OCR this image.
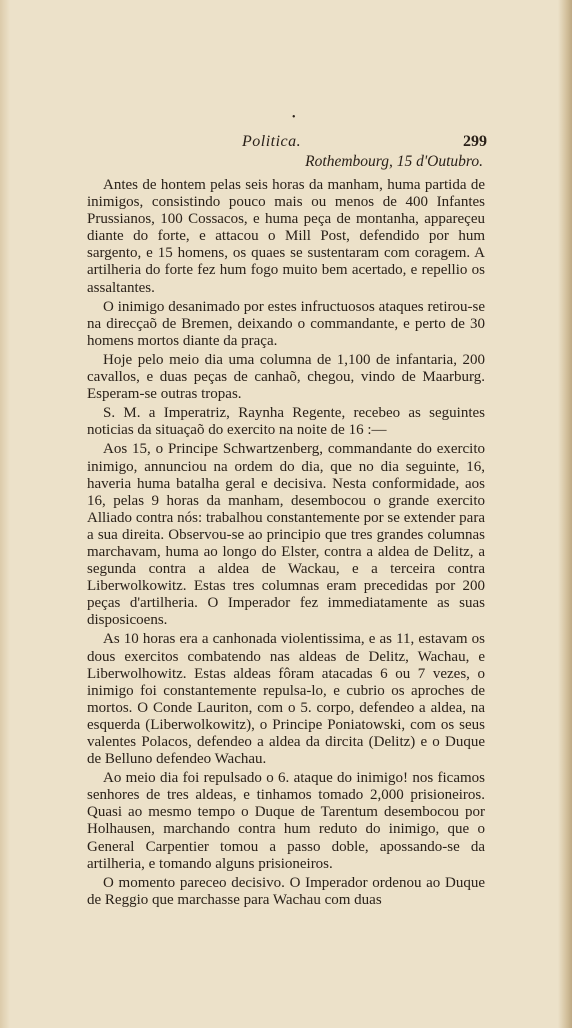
•
Politica.	299
Rothembourg, 15 d'Outubro.

Antes de hontem pelas seis horas da manham, huma partida de inimigos, consistindo pouco mais ou menos de 400 Infantes Prussianos, 100 Cossacos, e huma peça de montanha, appareçeu diante do forte, e attacou o Mill Post, defendido por hum sargento, e 15 homens, os quaes se sustentaram com coragem. A artilheria do forte fez hum fogo muito bem acertado, e repellio os assaltantes.

O inimigo desanimado por estes infructuosos ataques retirou-se na direcçaõ de Bremen, deixando o commandante, e perto de 30 homens mortos diante da praça.

Hoje pelo meio dia uma columna de 1,100 de infantaria, 200 cavallos, e duas peças de canhaõ, chegou, vindo de Maarburg. Esperam-se outras tropas.

S. M. a Imperatriz, Raynha Regente, recebeo as seguintes noticias da situaçaõ do exercito na noite de 16 :—

Aos 15, o Principe Schwartzenberg, commandante do exercito inimigo, annunciou na ordem do dia, que no dia seguinte, 16, haveria huma batalha geral e decisiva. Nesta conformidade, aos 16, pelas 9 horas da manham, desembocou o grande exercito Alliado contra nós: trabalhou constantemente por se extender para a sua direita. Observou-se ao principio que tres grandes columnas marchavam, huma ao longo do Elster, contra a aldea de Delitz, a segunda contra a aldea de Wackau, e a terceira contra Liberwolkowitz. Estas tres columnas eram precedidas por 200 peças d'artilheria. O Imperador fez immediatamente as suas disposicoens.

As 10 horas era a canhonada violentissima, e as 11, estavam os dous exercitos combatendo nas aldeas de Delitz, Wachau, e Liberwolhowitz. Estas aldeas fôram atacadas 6 ou 7 vezes, o inimigo foi constantemente repulsa-lo, e cubrio os aproches de mortos. O Conde Lauriton, com o 5. corpo, defendeo a aldea, na esquerda (Liberwolkowitz), o Principe Poniatowski, com os seus valentes Polacos, defendeo a aldea da dircita (Delitz) e o Duque de Belluno defendeo Wachau.

Ao meio dia foi repulsado o 6. ataque do inimigo! nos ficamos senhores de tres aldeas, e tinhamos tomado 2,000 prisioneiros. Quasi ao mesmo tempo o Duque de Tarentum desembocou por Holhausen, marchando contra hum reduto do inimigo, que o General Carpentier tomou a passo doble, apossando-se da artilheria, e tomando alguns prisioneiros.

O momento pareceo decisivo. O Imperador ordenou ao Duque de Reggio que marchasse para Wachau com duas
